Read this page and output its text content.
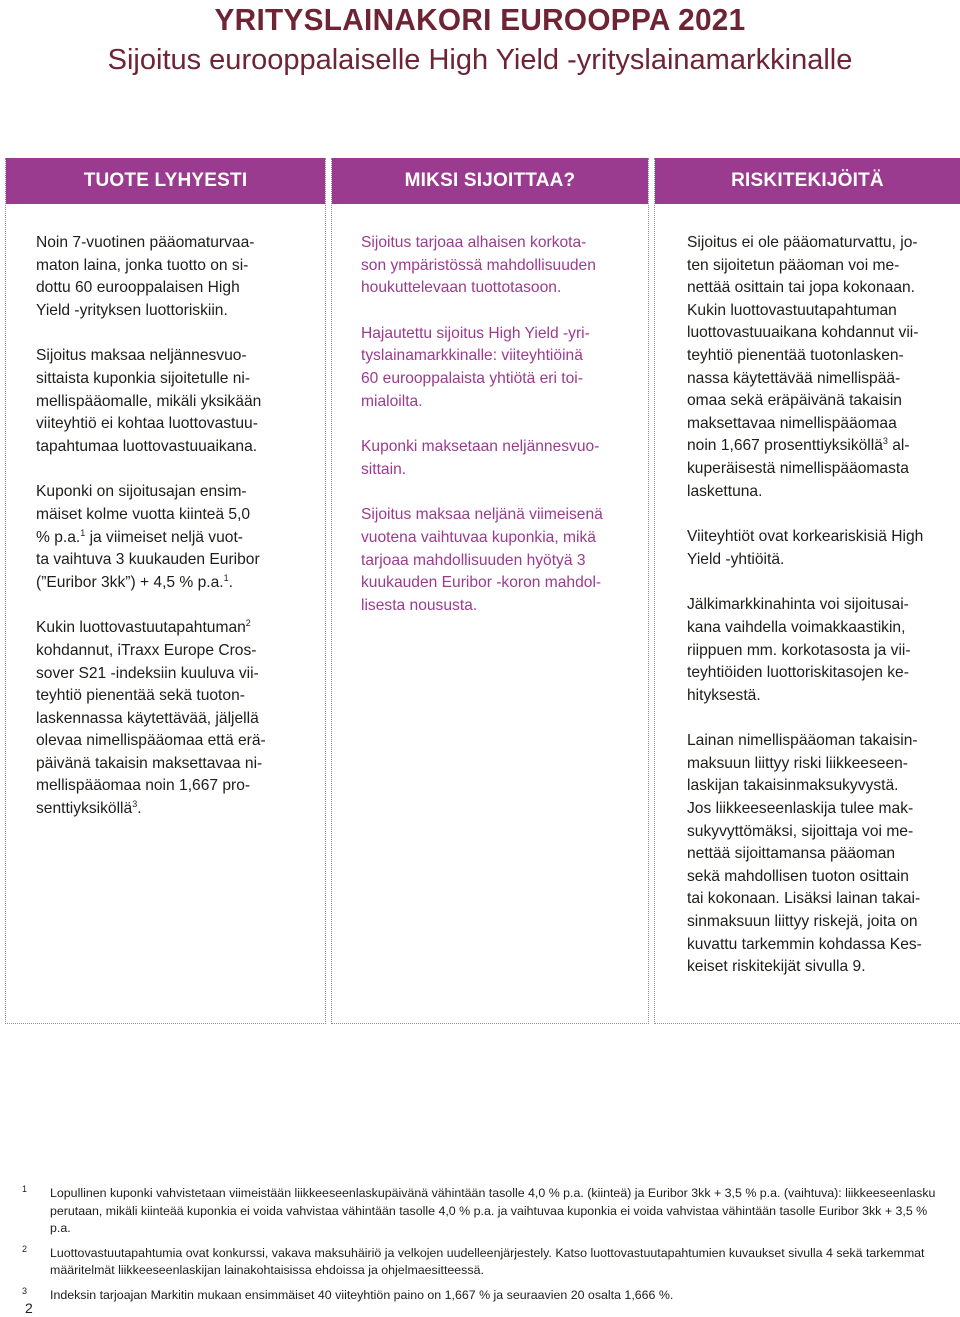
YRITYSLAINAKORI EUROOPPA 2021
Sijoitus eurooppalaiselle High Yield -yrityslainamarkkinalle
TUOTE LYHYESTI

Noin 7-vuotinen pääomaturvaa-
maton laina, jonka tuotto on si-
dottu 60 eurooppalaisen High
Yield -yrityksen luottoriskiin.

Sijoitus maksaa neljännesvuo-
sittaista kuponkia sijoitetulle ni-
mellispääomalle, mikäli yksikään
viiteyhtiö ei kohtaa luottovastuu-
tapahtumaa luottovastuuaikana.

Kuponki on sijoitusajan ensim-
mäiset kolme vuotta kiinteä 5,0
% p.a.$^1$ ja viimeiset neljä vuot-
ta vaihtuva 3 kuukauden Euribor
(”Euribor 3kk”) + 4,5 % p.a.$^1$.

Kukin luottovastuutapahtuman$^2$
kohdannut, iTraxx Europe Cros-
sover S21 -indeksiin kuuluva vii-
teyhtiö pienentää sekä tuoton-
laskennassa käytettävää, jäljellä
olevaa nimellispääomaa että erä-
päivänä takaisin maksettavaa ni-
mellispääomaa noin 1,667 pro-
senttiyksiköllä$^3$.

MIKSI SIJOITTAA?

Sijoitus tarjoaa alhaisen korkota-
son ympäristössä mahdollisuuden
houkuttelevaan tuottotasoon.

Hajautettu sijoitus High Yield -yri-
tyslainamarkkinalle: viiteyhtiöinä
60 eurooppalaista yhtiötä eri toi-
mialoilta.

Kuponki maksetaan neljännesvuo-
sittain.

Sijoitus maksaa neljänä viimeisenä
vuotena vaihtuvaa kuponkia, mikä
tarjoaa mahdollisuuden hyötyä 3
kuukauden Euribor -koron mahdol-
lisesta noususta.

RISKITEKIJÖITÄ

Sijoitus ei ole pääomaturvattu, jo-
ten sijoitetun pääoman voi me-
nettää osittain tai jopa kokonaan.
Kukin luottovastuutapahtuman
luottovastuuaikana kohdannut vii-
teyhtiö pienentää tuotonlasken-
nassa käytettävää nimellispää-
omaa sekä eräpäivänä takaisin
maksettavaa nimellispääomaa
noin 1,667 prosenttiyksiköllä$^3$ al-
kuperäisestä nimellispääomasta
laskettuna.

Viiteyhtiöt ovat korkeariskisiä High
Yield -yhtiöitä.

Jälkimarkkinahinta voi sijoitusai-
kana vaihdella voimakkaastikin,
riippuen mm. korkotasosta ja vii-
teyhtiöiden luottoriskitasojen ke-
hityksestä.

Lainan nimellispääoman takaisin-
maksuun liittyy riski liikkeeseen-
laskijan takaisinmaksukyvystä.
Jos liikkeeseenlaskija tulee mak-
sukyvyttömäksi, sijoittaja voi me-
nettää sijoittamansa pääoman
sekä mahdollisen tuoton osittain
tai kokonaan. Lisäksi lainan takai-
sinmaksuun liittyy riskejä, joita on
kuvattu tarkemmin kohdassa Kes-
keiset riskitekijät sivulla 9.

1 Lopullinen kuponki vahvistetaan viimeistään liikkeeseenlaskupäivänä vähintään tasolle 4,0 % p.a. (kiinteä) ja Euribor 3kk + 3,5 % p.a. (vaihtuva): liikkeeseenlasku perutaan, mikäli kiinteää kuponkia ei voida vahvistaa vähintään tasolle 4,0 % p.a. ja vaihtuvaa kuponkia ei voida vahvistaa vähintään tasolle Euribor 3kk + 3,5 % p.a.
2 Luottovastuutapahtumia ovat konkurssi, vakava maksuhäiriö ja velkojen uudelleenjärjestely. Katso luottovastuutapahtumien kuvaukset sivulla 4 sekä tarkemmat määritelmät liikkeeseenlaskijan lainakohtaisissa ehdoissa ja ohjelmaesitteessä.
3 Indeksin tarjoajan Markitin mukaan ensimmäiset 40 viiteyhtiön paino on 1,667 % ja seuraavien 20 osalta 1,666 %.
2
